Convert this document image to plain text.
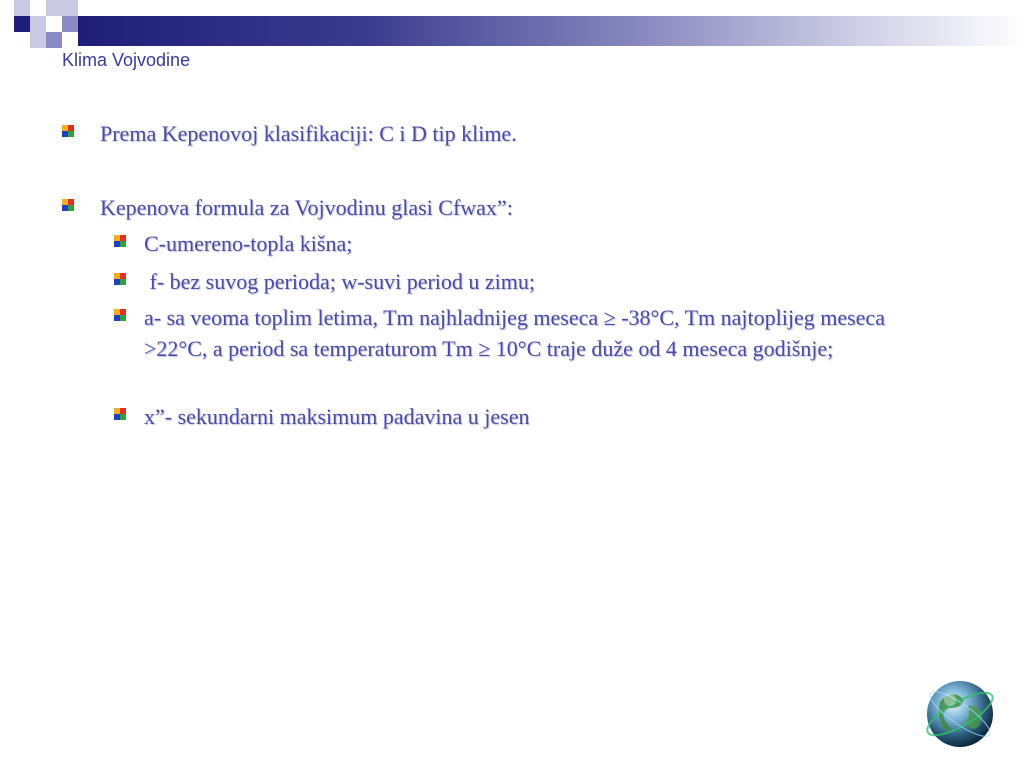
Klima Vojvodine
Prema Kepenovoj klasifikaciji: C i D tip klime.
Kepenova formula za Vojvodinu glasi Cfwax”:
C-umereno-topla kišna;
f- bez suvog perioda; w-suvi period u zimu;
a- sa veoma toplim letima, Tm najhladnijeg meseca ≥ -38°C, Tm najtoplijeg meseca >22°C, a period sa temperaturom Tm ≥ 10°C traje duže od 4 meseca godišnje;
x”- sekundarni maksimum padavina u jesen
